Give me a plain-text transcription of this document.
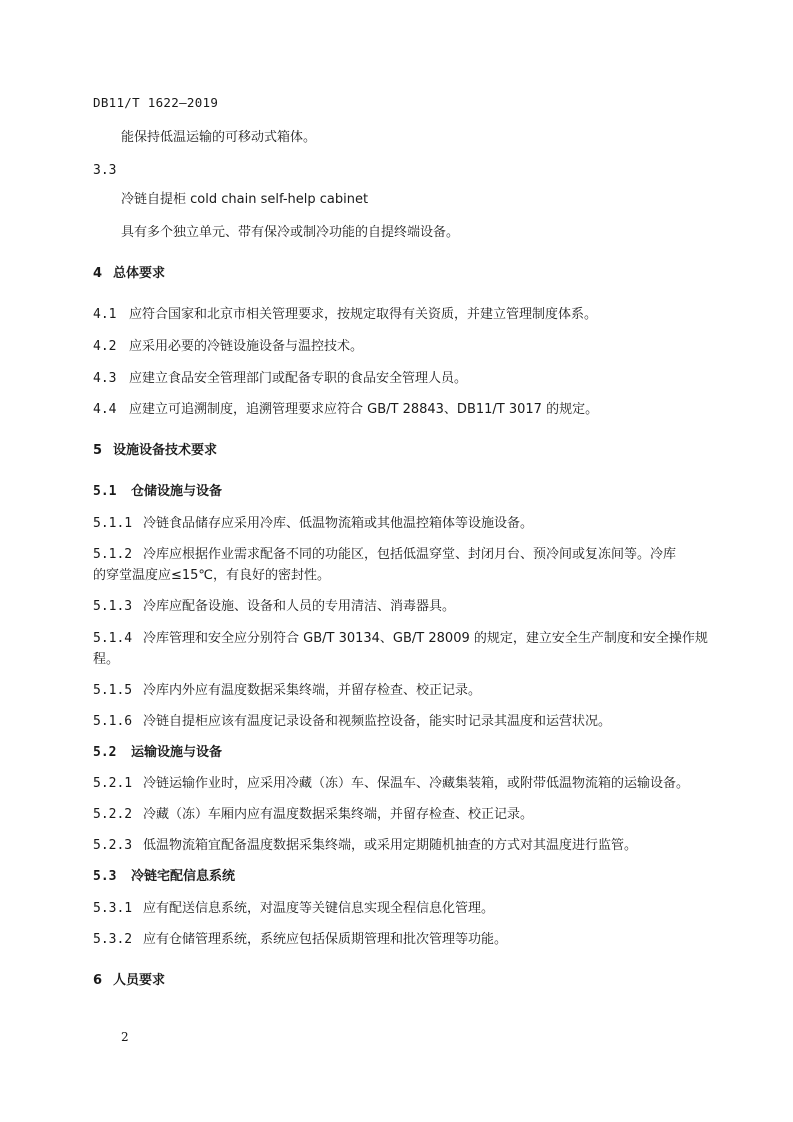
DB11/T 1622—2019
能保持低温运输的可移动式箱体。
3.3
冷链自提柜 cold chain self-help cabinet
具有多个独立单元、带有保冷或制冷功能的自提终端设备。
4 总体要求
4.1 应符合国家和北京市相关管理要求，按规定取得有关资质，并建立管理制度体系。
4.2 应采用必要的冷链设施设备与温控技术。
4.3 应建立食品安全管理部门或配备专职的食品安全管理人员。
4.4 应建立可追溯制度，追溯管理要求应符合 GB/T 28843、DB11/T 3017 的规定。
5 设施设备技术要求
5.1 仓储设施与设备
5.1.1 冷链食品储存应采用冷库、低温物流箱或其他温控箱体等设施设备。
5.1.2 冷库应根据作业需求配备不同的功能区，包括低温穿堂、封闭月台、预冷间或复冻间等。冷库
的穿堂温度应≤15℃，有良好的密封性。
5.1.3 冷库应配备设施、设备和人员的专用清洁、消毒器具。
5.1.4 冷库管理和安全应分别符合 GB/T 30134、GB/T 28009 的规定，建立安全生产制度和安全操作规
程。
5.1.5 冷库内外应有温度数据采集终端，并留存检查、校正记录。
5.1.6 冷链自提柜应该有温度记录设备和视频监控设备，能实时记录其温度和运营状况。
5.2 运输设施与设备
5.2.1 冷链运输作业时，应采用冷藏（冻）车、保温车、冷藏集装箱，或附带低温物流箱的运输设备。
5.2.2 冷藏（冻）车厢内应有温度数据采集终端，并留存检查、校正记录。
5.2.3 低温物流箱宜配备温度数据采集终端，或采用定期随机抽查的方式对其温度进行监管。
5.3 冷链宅配信息系统
5.3.1 应有配送信息系统，对温度等关键信息实现全程信息化管理。
5.3.2 应有仓储管理系统，系统应包括保质期管理和批次管理等功能。
6 人员要求
2
